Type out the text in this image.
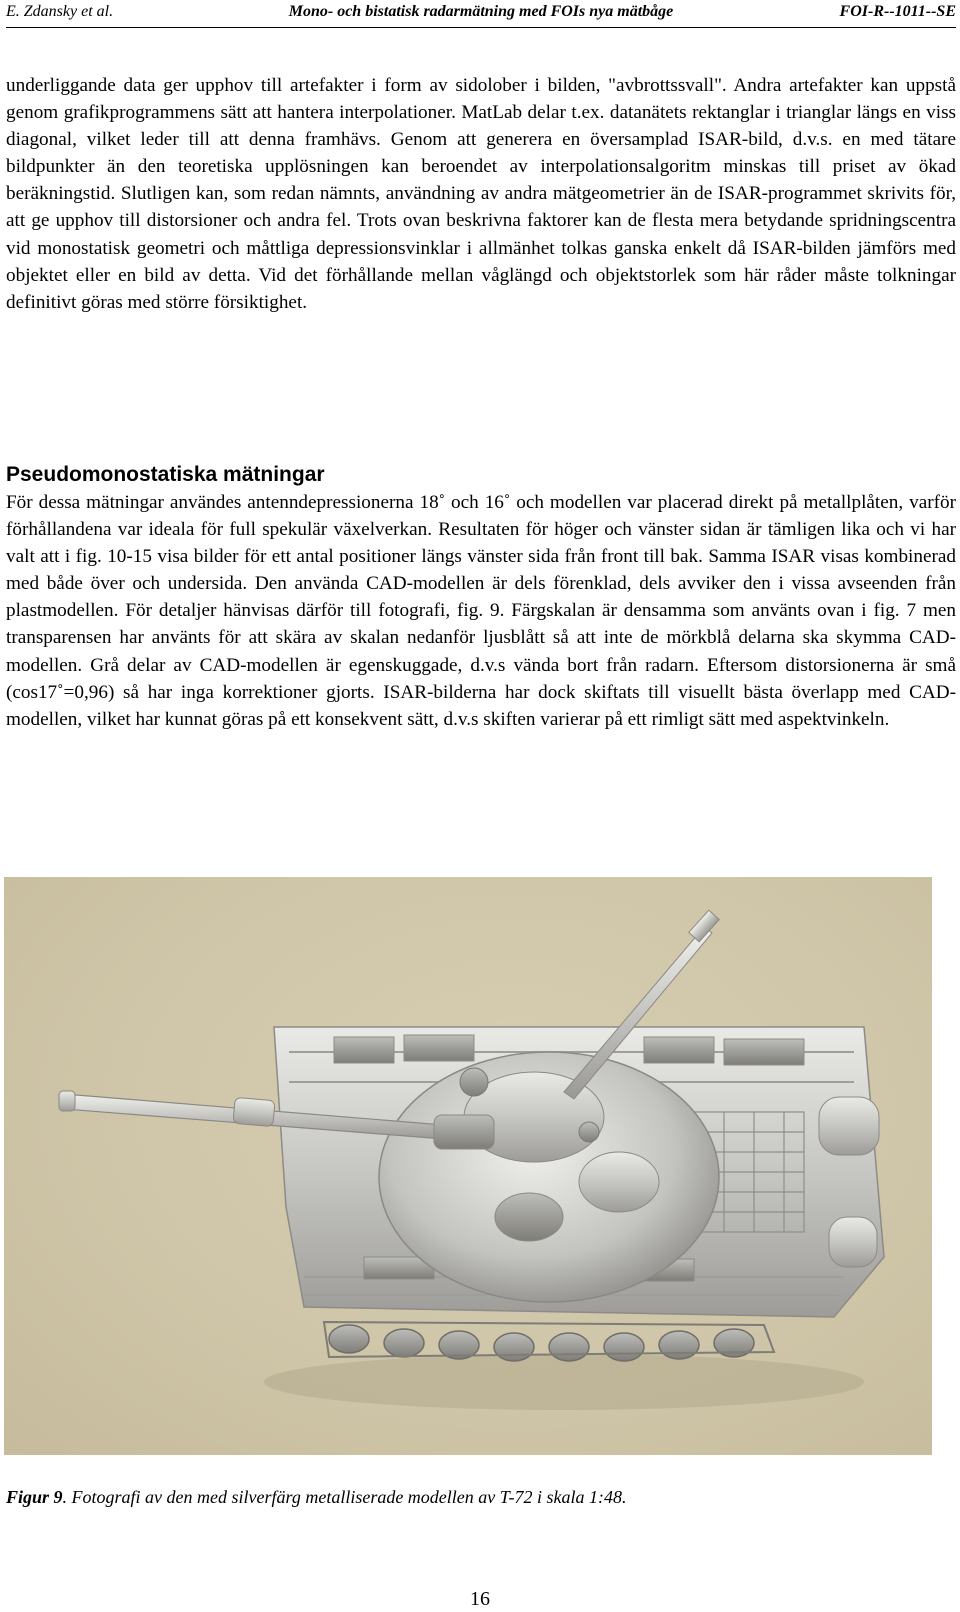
E. Zdansky et al.	Mono- och bistatisk radarmätning med FOIs nya mätbåge	FOI-R--1011--SE

underliggande data ger upphov till artefakter i form av sidolober i bilden, "avbrottssvall". Andra artefakter kan uppstå genom grafikprogrammens sätt att hantera interpolationer. MatLab delar t.ex. datanätets rektanglar i trianglar längs en viss diagonal, vilket leder till att denna framhävs. Genom att generera en översamplad ISAR-bild, d.v.s. en med tätare bildpunkter än den teoretiska upplösningen kan beroendet av interpolationsalgoritm minskas till priset av ökad beräkningstid. Slutligen kan, som redan nämnts, användning av andra mätgeometrier än de ISAR-programmet skrivits för, att ge upphov till distorsioner och andra fel. Trots ovan beskrivna faktorer kan de flesta mera betydande spridningscentra vid monostatisk geometri och måttliga depressionsvinklar i allmänhet tolkas ganska enkelt då ISAR-bilden jämförs med objektet eller en bild av detta. Vid det förhållande mellan våglängd och objektstorlek som här råder måste tolkningar definitivt göras med större försiktighet.

Pseudomonostatiska mätningar

För dessa mätningar användes antenndepressionerna 18˚ och 16˚ och modellen var placerad direkt på metallplåten, varför förhållandena var ideala för full spekulär växelverkan. Resultaten för höger och vänster sidan är tämligen lika och vi har valt att i fig. 10-15 visa bilder för ett antal positioner längs vänster sida från front till bak. Samma ISAR visas kombinerad med både över och undersida. Den använda CAD-modellen är dels förenklad, dels avviker den i vissa avseenden från plastmodellen. För detaljer hänvisas därför till fotografi, fig. 9. Färgskalan är densamma som använts ovan i fig. 7 men transparensen har använts för att skära av skalan nedanför ljusblått så att inte de mörkblå delarna ska skymma CAD-modellen. Grå delar av CAD-modellen är egenskuggade, d.v.s vända bort från radarn. Eftersom distorsionerna är små (cos17˚=0,96) så har inga korrektioner gjorts. ISAR-bilderna har dock skiftats till visuellt bästa överlapp med CAD-modellen, vilket har kunnat göras på ett konsekvent sätt, d.v.s skiften varierar på ett rimligt sätt med aspektvinkeln.

Figur 9. Fotografi av den med silverfärg metalliserade modellen av T-72 i skala 1:48.
16
